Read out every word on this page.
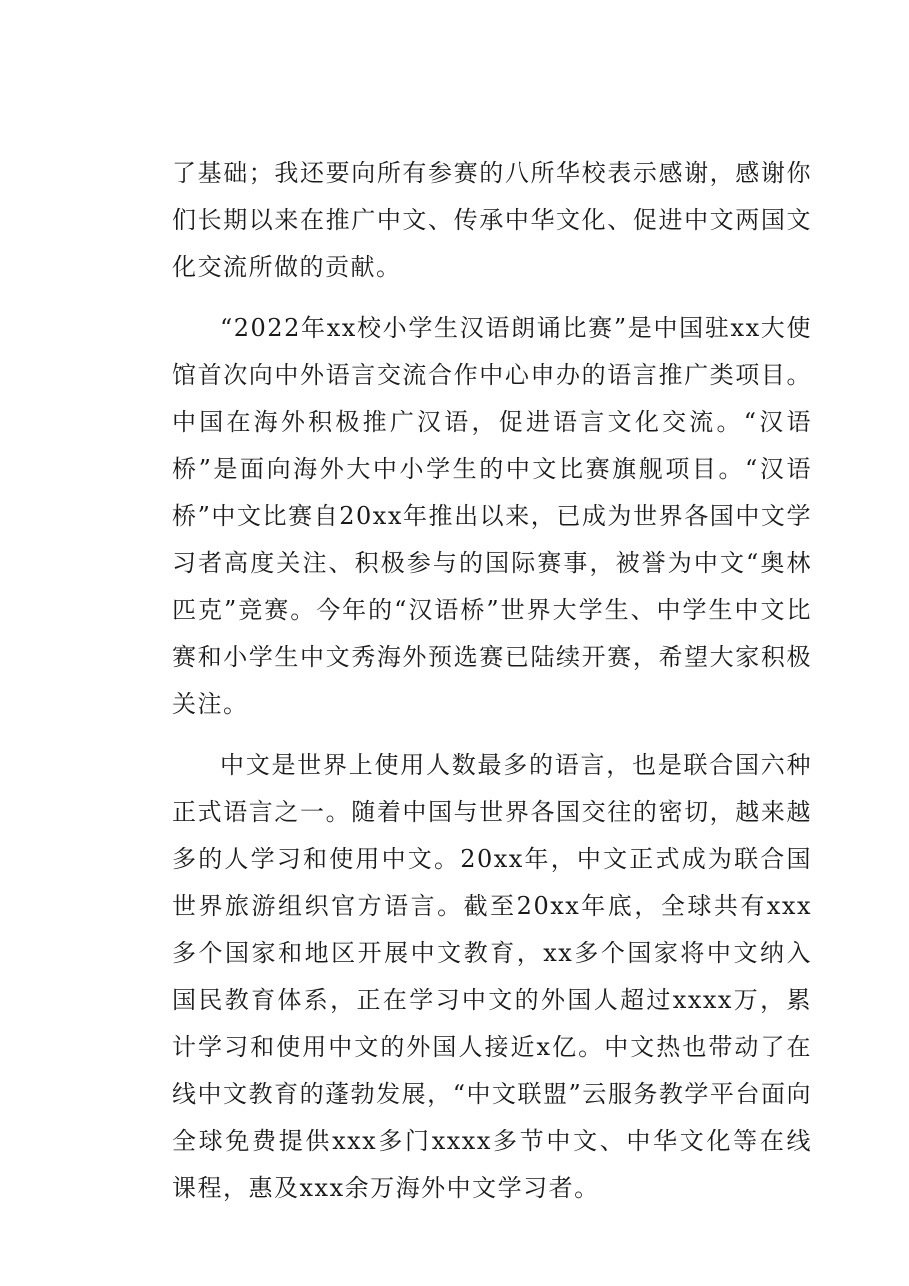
了基础；我还要向所有参赛的八所华校表示感谢，感谢你们长期以来在推广中文、传承中华文化、促进中文两国文化交流所做的贡献。

“2022年xx校小学生汉语朗诵比赛”是中国驻xx大使馆首次向中外语言交流合作中心申办的语言推广类项目。中国在海外积极推广汉语，促进语言文化交流。“汉语桥”是面向海外大中小学生的中文比赛旗舰项目。“汉语桥”中文比赛自20xx年推出以来，已成为世界各国中文学习者高度关注、积极参与的国际赛事，被誉为中文“奥林匹克”竞赛。今年的“汉语桥”世界大学生、中学生中文比赛和小学生中文秀海外预选赛已陆续开赛，希望大家积极关注。

中文是世界上使用人数最多的语言，也是联合国六种正式语言之一。随着中国与世界各国交往的密切，越来越多的人学习和使用中文。20xx年，中文正式成为联合国世界旅游组织官方语言。截至20xx年底，全球共有xxx多个国家和地区开展中文教育，xx多个国家将中文纳入国民教育体系，正在学习中文的外国人超过xxxx万，累计学习和使用中文的外国人接近x亿。中文热也带动了在线中文教育的蓬勃发展，“中文联盟”云服务教学平台面向全球免费提供xxx多门xxxx多节中文、中华文化等在线课程，惠及xxx余万海外中文学习者。
